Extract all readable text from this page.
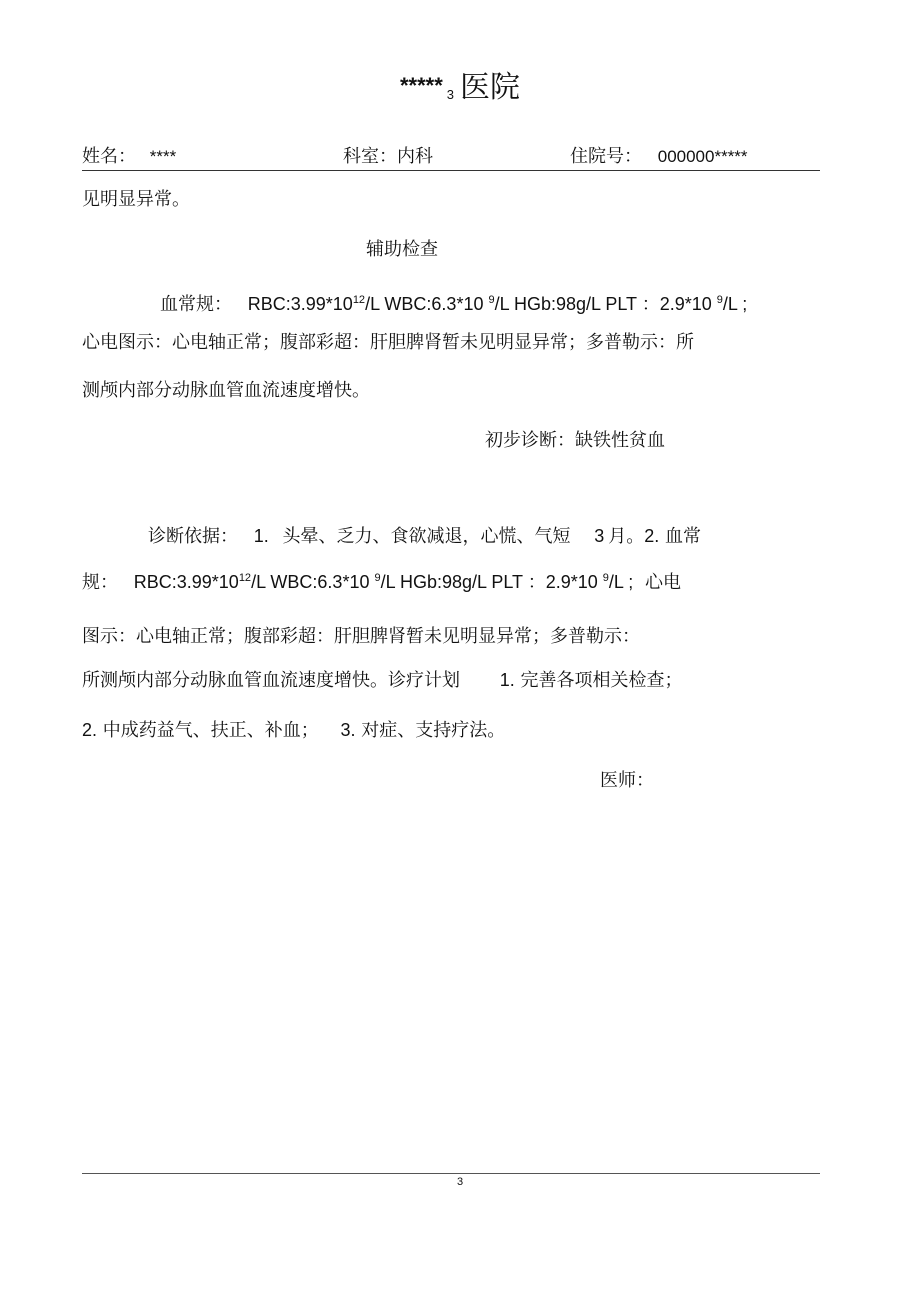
***** 3 医院
姓名： ****	科室：内科	住院号： 000000*****
见明显异常。
辅助检查
血常规： $RBC:3.99*10^{12}/L$ WBC:6.3*10 $^9$/L HGb:98g/L PLT ：2.9*10 $^9$/L ;
心电图示：心电轴正常；腹部彩超：肝胆脾肾暂未见明显异常；多普勒示：所
测颅内部分动脉血管血流速度增快。
初步诊断：缺铁性贫血
诊断依据： 1. 头晕、乏力、食欲减退，心慌、气短 3 月。2. 血常
规： $RBC:3.99*10^{12}/L$ WBC:6.3*10 $^9$/L HGb:98g/L PLT ：2.9*10 $^9$/L ; 心电
图示：心电轴正常；腹部彩超：肝胆脾肾暂未见明显异常；多普勒示：
所测颅内部分动脉血管血流速度增快。诊疗计划 1. 完善各项相关检查；
2. 中成药益气、扶正、补血； 3. 对症、支持疗法。
医师：
3
